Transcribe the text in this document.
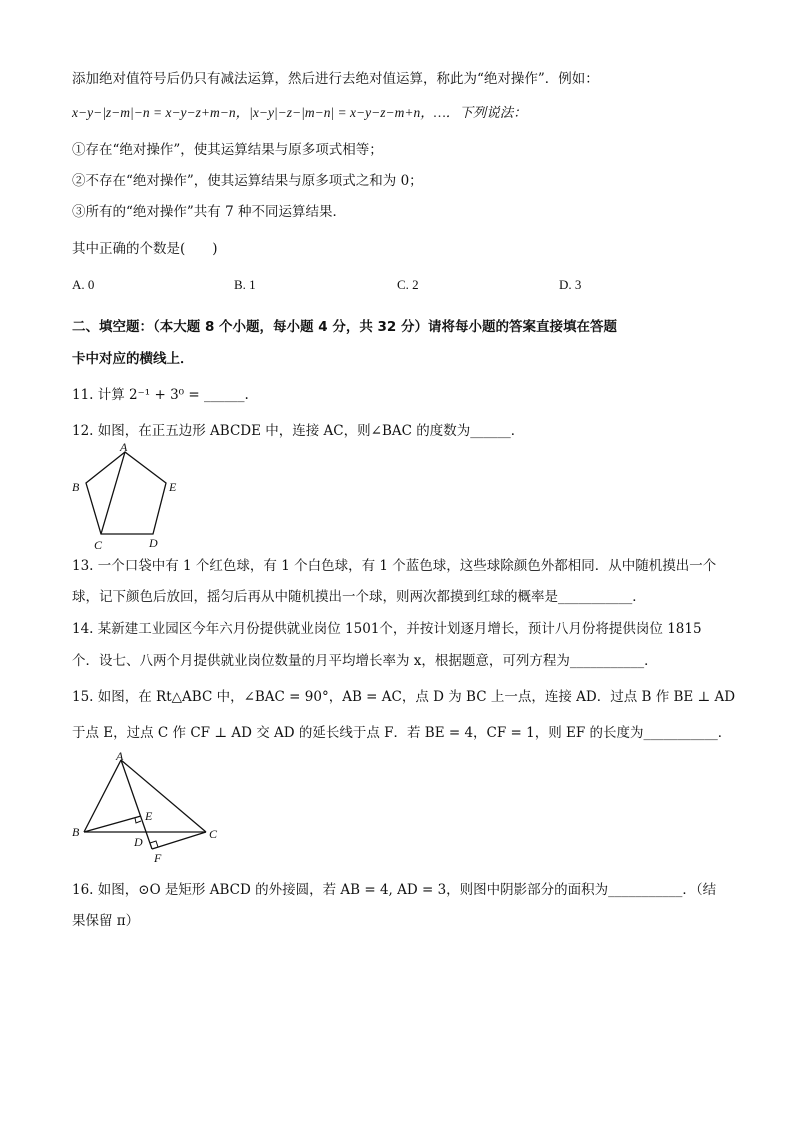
添加绝对值符号后仍只有减法运算，然后进行去绝对值运算，称此为“绝对操作”．例如：
x−y−|z−m|−n = x−y−z+m−n，|x−y|−z−|m−n| = x−y−z−m+n，…．下列说法：
①存在“绝对操作”，使其运算结果与原多项式相等；
②不存在“绝对操作”，使其运算结果与原多项式之和为 0；
③所有的“绝对操作”共有 7 种不同运算结果．
其中正确的个数是(　　)
A. 0	B. 1	C. 2	D. 3
二、填空题：（本大题 8 个小题，每小题 4 分，共 32 分）请将每小题的答案直接填在答题
卡中对应的横线上．
11. 计算 2⁻¹ + 3⁰ = ______.
12. 如图，在正五边形 ABCDE 中，连接 AC，则∠BAC 的度数为______．
A
B
C	D
E
13. 一个口袋中有 1 个红色球，有 1 个白色球，有 1 个蓝色球，这些球除颜色外都相同．从中随机摸出一个
球，记下颜色后放回，摇匀后再从中随机摸出一个球，则两次都摸到红球的概率是___________．
14. 某新建工业园区今年六月份提供就业岗位 1501个，并按计划逐月增长，预计八月份将提供岗位 1815
个．设七、八两个月提供就业岗位数量的月平均增长率为 x，根据题意，可列方程为___________．
15. 如图，在 Rt△ABC 中，∠BAC = 90°，AB = AC，点 D 为 BC 上一点，连接 AD．过点 B 作 BE ⊥ AD
于点 E，过点 C 作 CF ⊥ AD 交 AD 的延长线于点 F．若 BE = 4，CF = 1，则 EF 的长度为___________．
A
B	C
D
E
F
16. 如图，⊙O 是矩形 ABCD 的外接圆，若 AB = 4, AD = 3，则图中阴影部分的面积为___________．（结
果保留 π）
